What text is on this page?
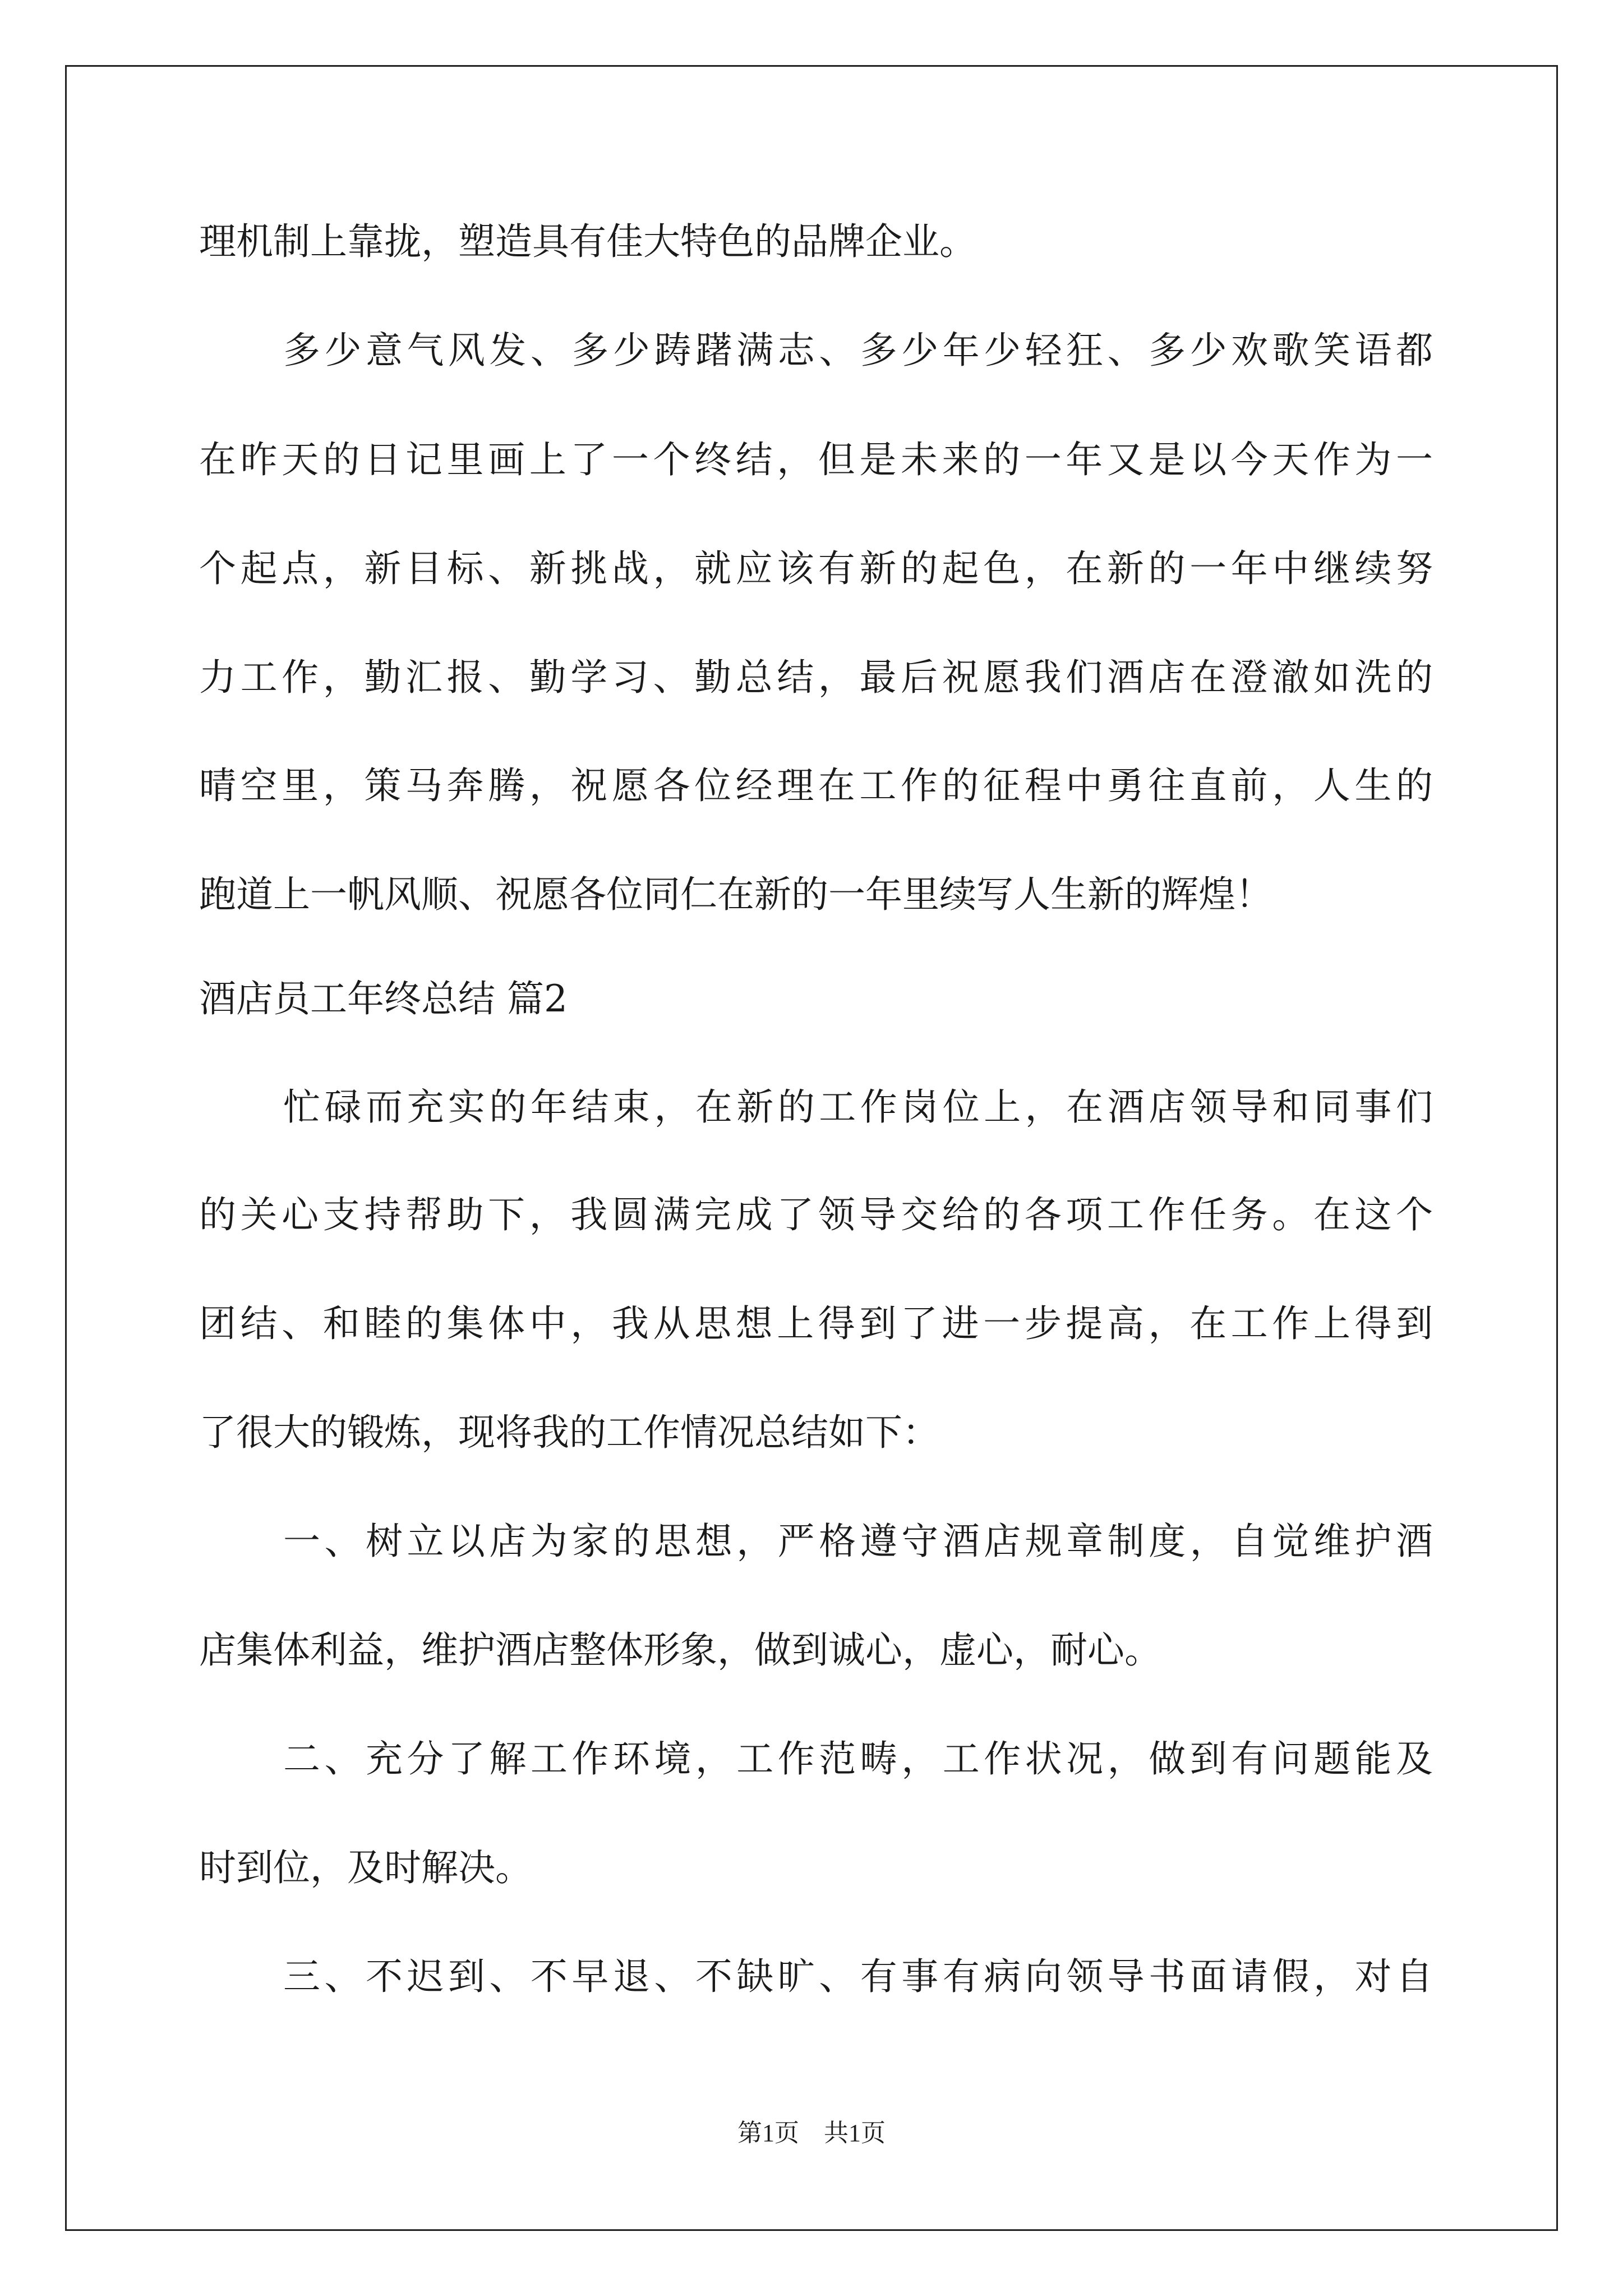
理机制上靠拢，塑造具有佳大特色的品牌企业。
多少意气风发、多少踌躇满志、多少年少轻狂、多少欢歌笑语都
在昨天的日记里画上了一个终结，但是未来的一年又是以今天作为一
个起点，新目标、新挑战，就应该有新的起色，在新的一年中继续努
力工作，勤汇报、勤学习、勤总结，最后祝愿我们酒店在澄澈如洗的
晴空里，策马奔腾，祝愿各位经理在工作的征程中勇往直前，人生的
跑道上一帆风顺、祝愿各位同仁在新的一年里续写人生新的辉煌！
酒店员工年终总结 篇2
忙碌而充实的年结束，在新的工作岗位上，在酒店领导和同事们
的关心支持帮助下，我圆满完成了领导交给的各项工作任务。在这个
团结、和睦的集体中，我从思想上得到了进一步提高，在工作上得到
了很大的锻炼，现将我的工作情况总结如下：
一、树立以店为家的思想，严格遵守酒店规章制度，自觉维护酒
店集体利益，维护酒店整体形象，做到诚心，虚心，耐心。
二、充分了解工作环境，工作范畴，工作状况，做到有问题能及
时到位，及时解决。
三、不迟到、不早退、不缺旷、有事有病向领导书面请假，对自
第1页　共1页
